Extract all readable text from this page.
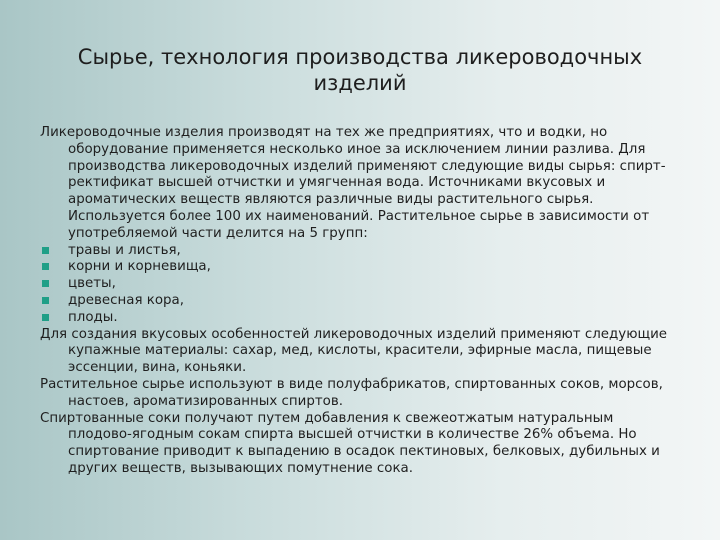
Сырье, технология производства ликероводочных
изделий

Ликероводочные изделия производят на тех же предприятиях, что и водки, но оборудование применяется несколько иное за исключением линии разлива. Для производства ликероводочных изделий применяют следующие виды сырья: спирт-ректификат высшей отчистки и умягченная вода. Источниками вкусовых и ароматических веществ являются различные виды растительного сырья. Используется более 100 их наименований. Растительное сырье в зависимости от употребляемой части делится на 5 групп:

травы и листья,
корни и корневища,
цветы,
древесная кора,
плоды.

Для создания вкусовых особенностей ликероводочных изделий применяют следующие купажные материалы: сахар, мед, кислоты, красители, эфирные масла, пищевые эссенции, вина, коньяки.

Растительное сырье используют в виде полуфабрикатов, спиртованных соков, морсов, настоев, ароматизированных спиртов.

Спиртованные соки получают путем добавления к свежеотжатым натуральным плодово-ягодным сокам спирта высшей отчистки в количестве 26% объема. Но спиртование приводит к выпадению в осадок пектиновых, белковых, дубильных и других веществ, вызывающих помутнение сока.
